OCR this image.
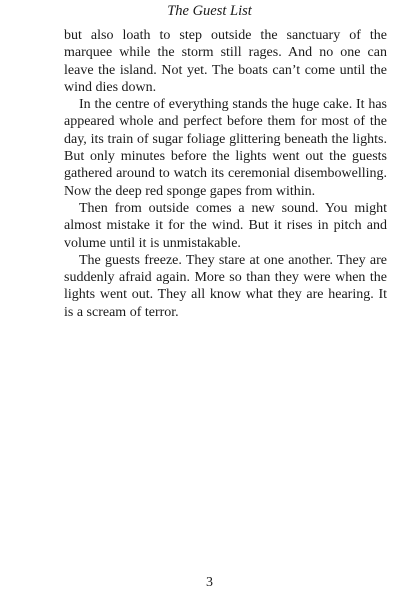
The Guest List

but also loath to step outside the sanctuary of the marquee while the storm still rages. And no one can leave the island. Not yet. The boats can’t come until the wind dies down.

In the centre of everything stands the huge cake. It has appeared whole and perfect before them for most of the day, its train of sugar foliage glittering beneath the lights. But only minutes before the lights went out the guests gathered around to watch its ceremonial disembowelling. Now the deep red sponge gapes from within.

Then from outside comes a new sound. You might almost mistake it for the wind. But it rises in pitch and volume until it is unmistakable.

The guests freeze. They stare at one another. They are suddenly afraid again. More so than they were when the lights went out. They all know what they are hearing. It is a scream of terror.

3
